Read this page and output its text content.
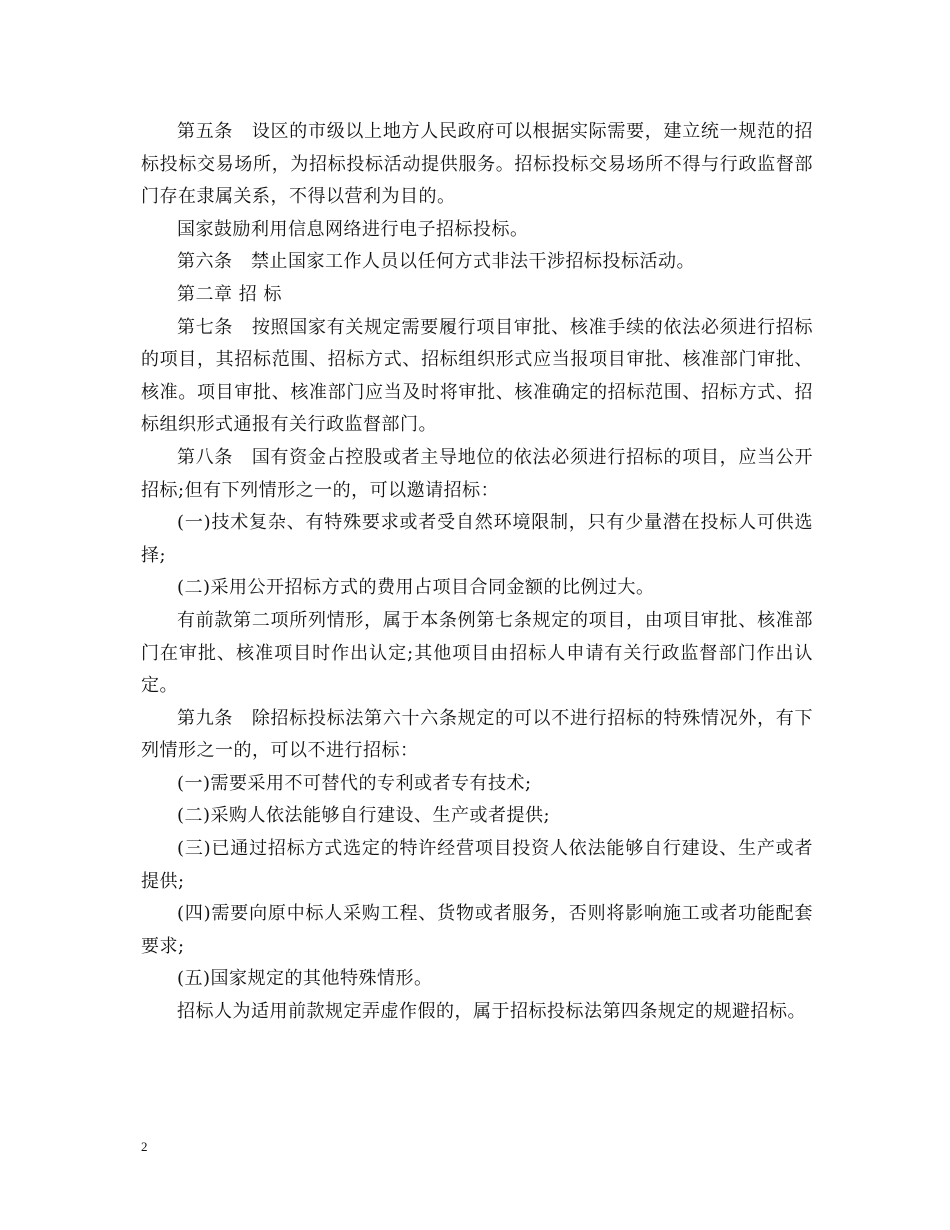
第五条　设区的市级以上地方人民政府可以根据实际需要，建立统一规范的招标投标交易场所，为招标投标活动提供服务。招标投标交易场所不得与行政监督部门存在隶属关系，不得以营利为目的。

国家鼓励利用信息网络进行电子招标投标。

第六条　禁止国家工作人员以任何方式非法干涉招标投标活动。

第二章 招 标

第七条　按照国家有关规定需要履行项目审批、核准手续的依法必须进行招标的项目，其招标范围、招标方式、招标组织形式应当报项目审批、核准部门审批、核准。项目审批、核准部门应当及时将审批、核准确定的招标范围、招标方式、招标组织形式通报有关行政监督部门。

第八条　国有资金占控股或者主导地位的依法必须进行招标的项目，应当公开招标;但有下列情形之一的，可以邀请招标：

(一)技术复杂、有特殊要求或者受自然环境限制，只有少量潜在投标人可供选择;

(二)采用公开招标方式的费用占项目合同金额的比例过大。

有前款第二项所列情形，属于本条例第七条规定的项目，由项目审批、核准部门在审批、核准项目时作出认定;其他项目由招标人申请有关行政监督部门作出认定。

第九条　除招标投标法第六十六条规定的可以不进行招标的特殊情况外，有下列情形之一的，可以不进行招标：

(一)需要采用不可替代的专利或者专有技术;

(二)采购人依法能够自行建设、生产或者提供;

(三)已通过招标方式选定的特许经营项目投资人依法能够自行建设、生产或者提供;

(四)需要向原中标人采购工程、货物或者服务，否则将影响施工或者功能配套要求;

(五)国家规定的其他特殊情形。

招标人为适用前款规定弄虚作假的，属于招标投标法第四条规定的规避招标。

2
